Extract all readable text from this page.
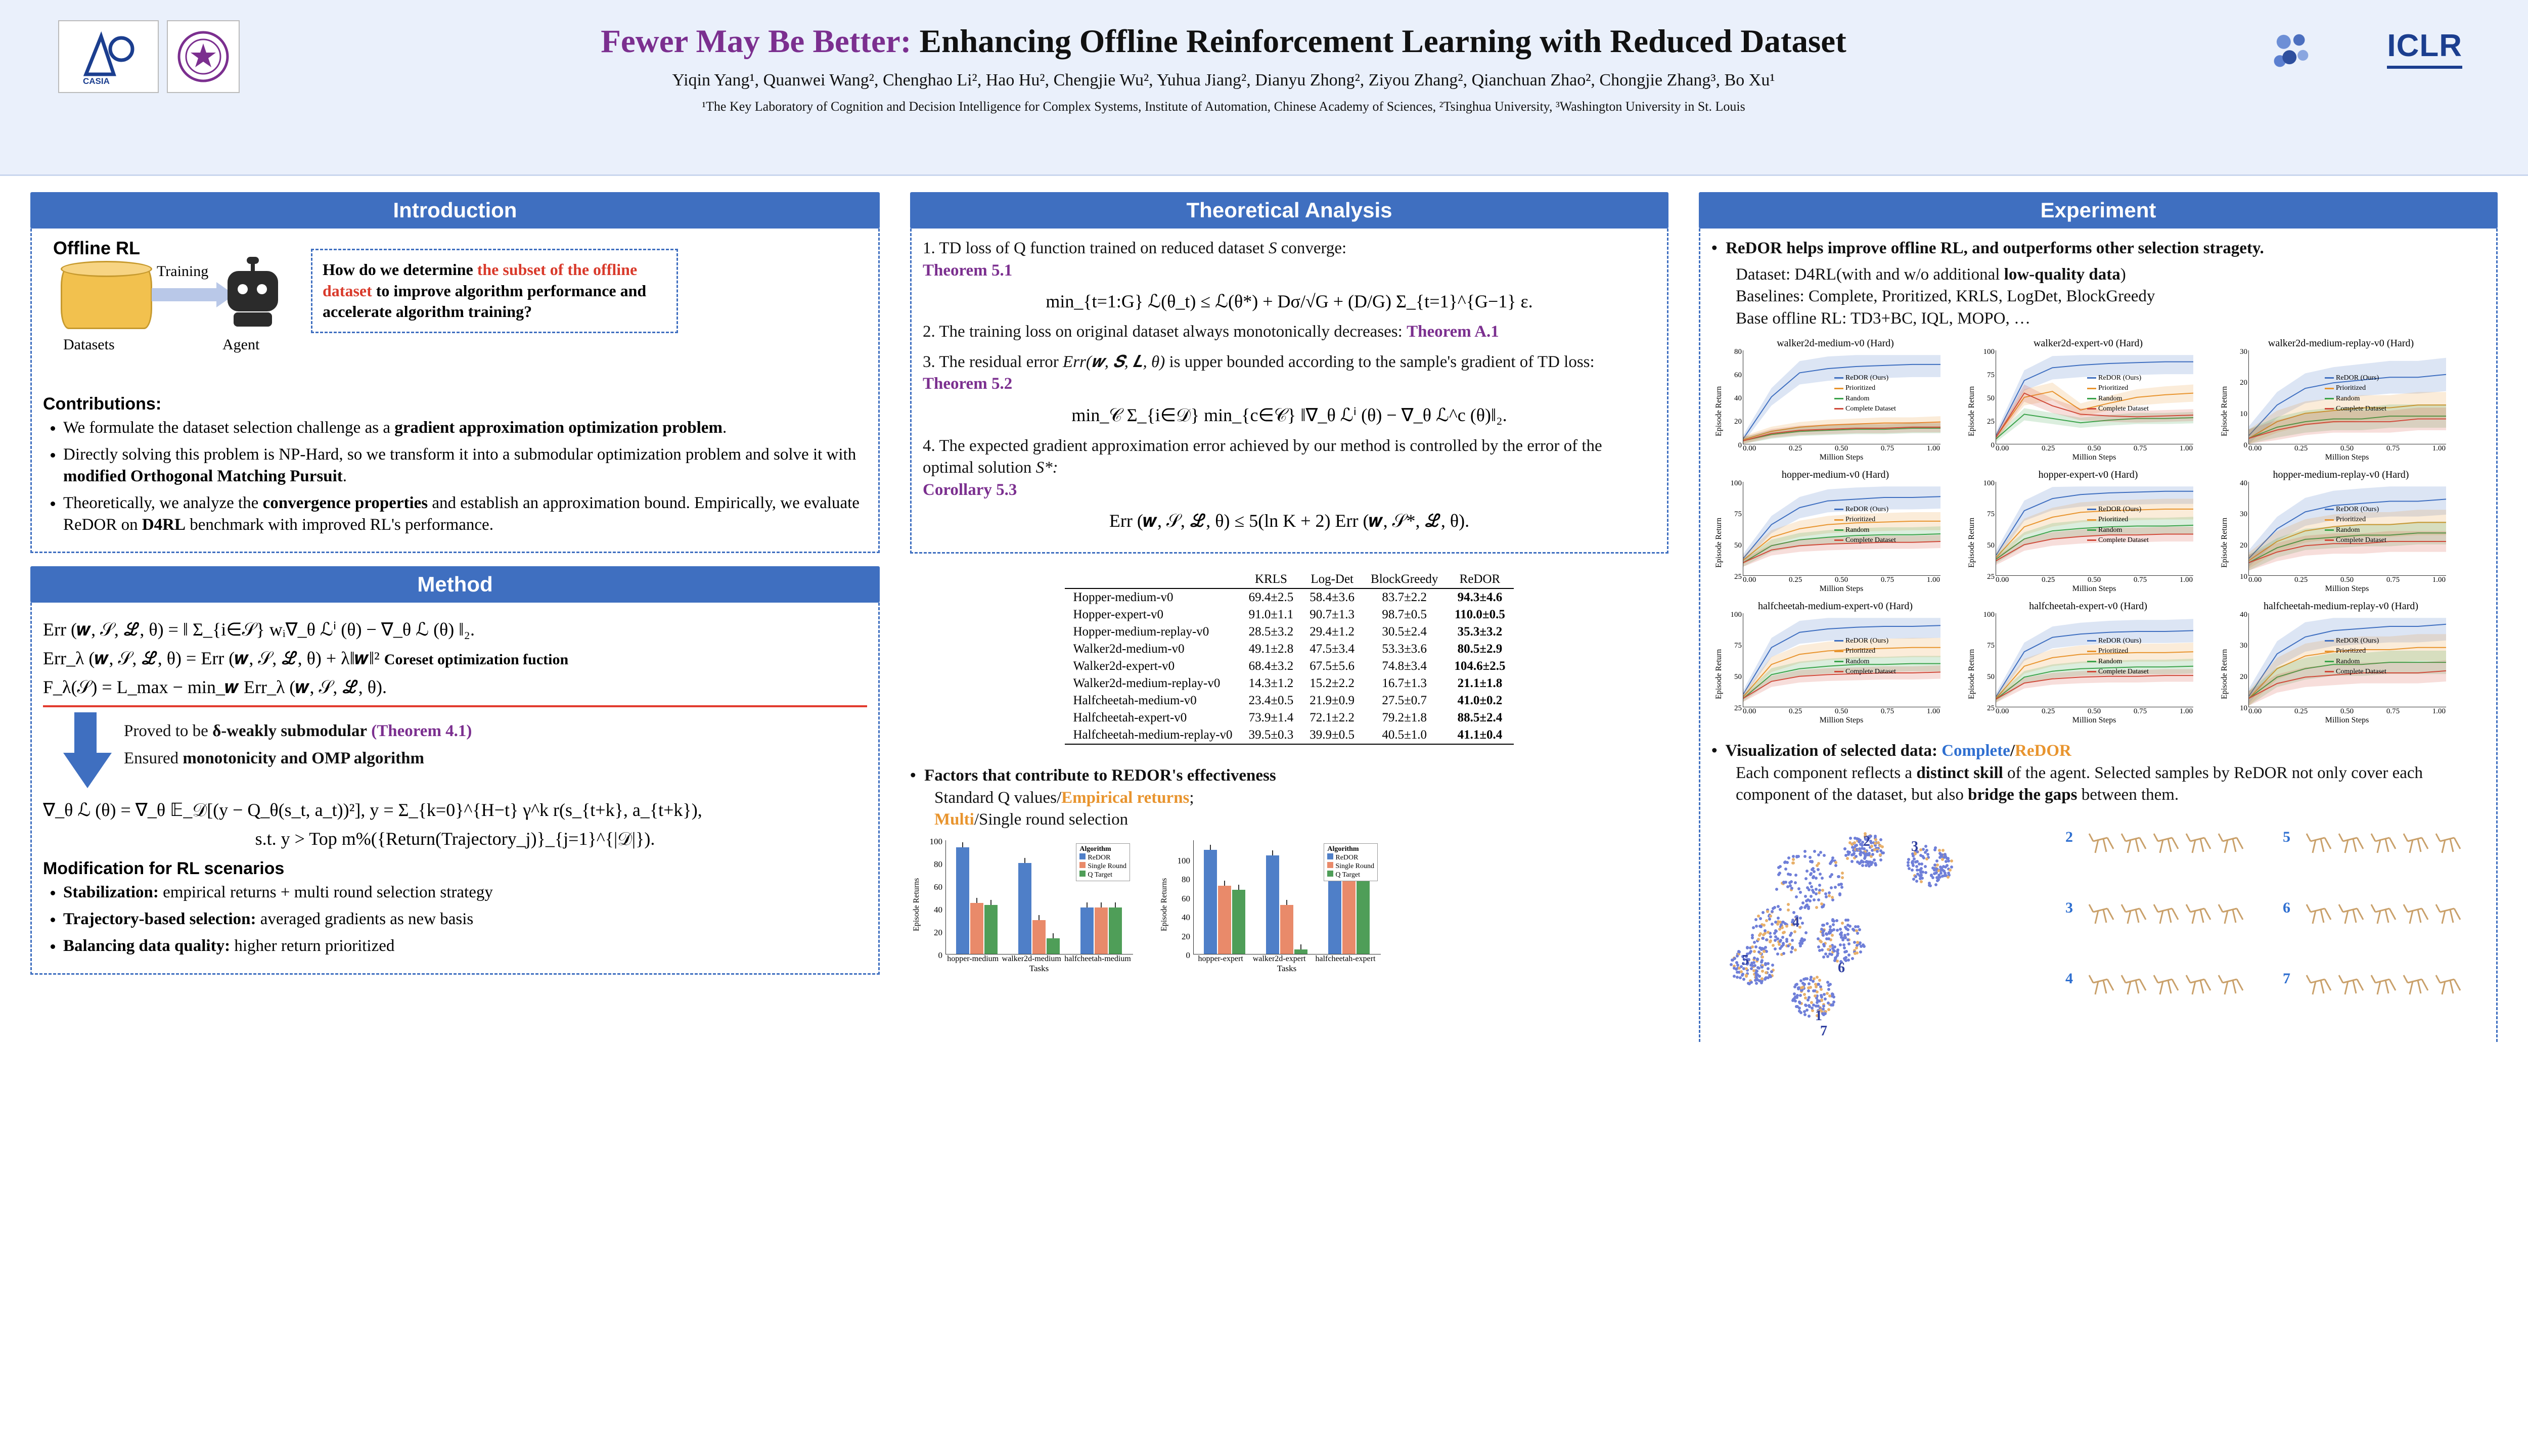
CASIA
Fewer May Be Better: Enhancing Offline Reinforcement Learning with Reduced Dataset
Yiqin Yang¹, Quanwei Wang², Chenghao Li², Hao Hu², Chengjie Wu², Yuhua Jiang², Dianyu Zhong², Ziyou Zhang², Qianchuan Zhao², Chongjie Zhang³, Bo Xu¹
¹The Key Laboratory of Cognition and Decision Intelligence for Complex Systems, Institute of Automation, Chinese Academy of Sciences, ²Tsinghua University, ³Washington University in St. Louis
ICLR
Introduction
Offline RL
Datasets
Training
Agent
How do we determine the subset of the offline dataset to improve algorithm performance and accelerate algorithm training?
Contributions:
• We formulate the dataset selection challenge as a gradient approximation optimization problem.
• Directly solving this problem is NP-Hard, so we transform it into a submodular optimization problem and solve it with modified Orthogonal Matching Pursuit.
• Theoretically, we analyze the convergence properties and establish an approximation bound. Empirically, we evaluate ReDOR on D4RL benchmark with improved RL's performance.
Method
Err (𝒘, 𝒮, ℒ, θ) = ‖ Σ_{i∈𝒮} wᵢ∇_θ ℒⁱ (θ) − ∇_θ ℒ (θ) ‖₂.
Err_λ (𝒘, 𝒮, ℒ, θ) = Err (𝒘, 𝒮, ℒ, θ) + λ‖𝒘‖² Coreset optimization fuction
F_λ(𝒮) = L_max − min_𝒘 Err_λ (𝒘, 𝒮, ℒ, θ).
Proved to be δ-weakly submodular (Theorem 4.1)
Ensured monotonicity and OMP algorithm
∇_θ ℒ (θ) = ∇_θ 𝔼_𝒟[(y − Q_θ(s_t, a_t))²], y = Σ_{k=0}^{H−t} γ^k r(s_{t+k}, a_{t+k}),
s.t. y > Top m%({Return(Trajectory_j)}_{j=1}^{|𝒟|}).
Modification for RL scenarios
• Stabilization: empirical returns + multi round selection strategy
• Trajectory-based selection: averaged gradients as new basis
• Balancing data quality: higher return prioritized
Theoretical Analysis
1. TD loss of Q function trained on reduced dataset S converge:
Theorem 5.1
min_{t=1:G} ℒ(θ_t) ≤ ℒ(θ*) + Dσ/√G + (D/G) Σ_{t=1}^{G−1} ε.
2. The training loss on original dataset always monotonically decreases: Theorem A.1
3. The residual error Err(𝒘, 𝑺, 𝑳, θ) is upper bounded according to the sample's gradient of TD loss: Theorem 5.2
min_𝒞 Σ_{i∈𝒟} min_{c∈𝒞} ‖∇_θ ℒⁱ (θ) − ∇_θ ℒ^c (θ)‖₂.
4. The expected gradient approximation error achieved by our method is controlled by the error of the optimal solution S*:
Corollary 5.3
Err (𝒘, 𝒮, ℒ, θ) ≤ 5(ln K + 2) Err (𝒘, 𝒮*, ℒ, θ).
	KRLS	Log-Det	BlockGreedy	ReDOR
Hopper-medium-v0	69.4±2.5	58.4±3.6	83.7±2.2	94.3±4.6
Hopper-expert-v0	91.0±1.1	90.7±1.3	98.7±0.5	110.0±0.5
Hopper-medium-replay-v0	28.5±3.2	29.4±1.2	30.5±2.4	35.3±3.2
Walker2d-medium-v0	49.1±2.8	47.5±3.4	53.3±3.6	80.5±2.9
Walker2d-expert-v0	68.4±3.2	67.5±5.6	74.8±3.4	104.6±2.5
Walker2d-medium-replay-v0	14.3±1.2	15.2±2.2	16.7±1.3	21.1±1.8
Halfcheetah-medium-v0	23.4±0.5	21.9±0.9	27.5±0.7	41.0±0.2
Halfcheetah-expert-v0	73.9±1.4	72.1±2.2	79.2±1.8	88.5±2.4
Halfcheetah-medium-replay-v0	39.5±0.3	39.9±0.5	40.5±1.0	41.1±0.4
•  Factors that contribute to REDOR's effectiveness
Standard Q values/Empirical returns;
Multi/Single round selection
0
20
40
60
80
100
Algorithm
ReDOR
Single Round
Q Target
Episode Returns
hopper-medium walker2d-medium halfcheetah-medium
Tasks
0
20
40
60
80
100
Algorithm
ReDOR
Single Round
Q Target
Episode Returns
hopper-expert walker2d-expert halfcheetah-expert
Tasks
Experiment
•  ReDOR helps improve offline RL, and outperforms other selection stragety.
Dataset: D4RL(with and w/o additional low-quality data)
Baselines: Complete, Proritized, KRLS, LogDet, BlockGreedy
Base offline RL: TD3+BC, IQL, MOPO, …
walker2d-medium-v0 (Hard)
0
20
40
60
80
ReDOR (Ours)
Prioritized
Random
Complete Dataset
Episode Return
0.00	0.25	0.50	0.75	1.00
Million Steps
walker2d-expert-v0 (Hard)
0
25
50
75
100
ReDOR (Ours)
Prioritized
Random
Complete Dataset
Episode Return
0.00	0.25	0.50	0.75	1.00
Million Steps
walker2d-medium-replay-v0 (Hard)
0
10
20
30
ReDOR (Ours)
Prioritized
Random
Complete Dataset
Episode Return
0.00	0.25	0.50	0.75	1.00
Million Steps
hopper-medium-v0 (Hard)
25
50
75
100
ReDOR (Ours)
Prioritized
Random
Complete Dataset
Episode Return
0.00	0.25	0.50	0.75	1.00
Million Steps
hopper-expert-v0 (Hard)
25
50
75
100
ReDOR (Ours)
Prioritized
Random
Complete Dataset
Episode Return
0.00	0.25	0.50	0.75	1.00
Million Steps
hopper-medium-replay-v0 (Hard)
10
20
30
40
ReDOR (Ours)
Prioritized
Random
Complete Dataset
Episode Return
0.00	0.25	0.50	0.75	1.00
Million Steps
halfcheetah-medium-expert-v0 (Hard)
25
50
75
100
ReDOR (Ours)
Prioritized
Random
Complete Dataset
Episode Return
0.00	0.25	0.50	0.75	1.00
Million Steps
halfcheetah-expert-v0 (Hard)
25
50
75
100
ReDOR (Ours)
Prioritized
Random
Complete Dataset
Episode Return
0.00	0.25	0.50	0.75	1.00
Million Steps
halfcheetah-medium-replay-v0 (Hard)
10
20
30
40
ReDOR (Ours)
Prioritized
Random
Complete Dataset
Episode Return
0.00	0.25	0.50	0.75	1.00
Million Steps
•  Visualization of selected data: Complete/ReDOR
Each component reflects a distinct skill of the agent. Selected samples by ReDOR not only cover each component of the dataset, but also bridge the gaps between them.
1
2	3
4
5	6
7
2	5
3	6
4	7
